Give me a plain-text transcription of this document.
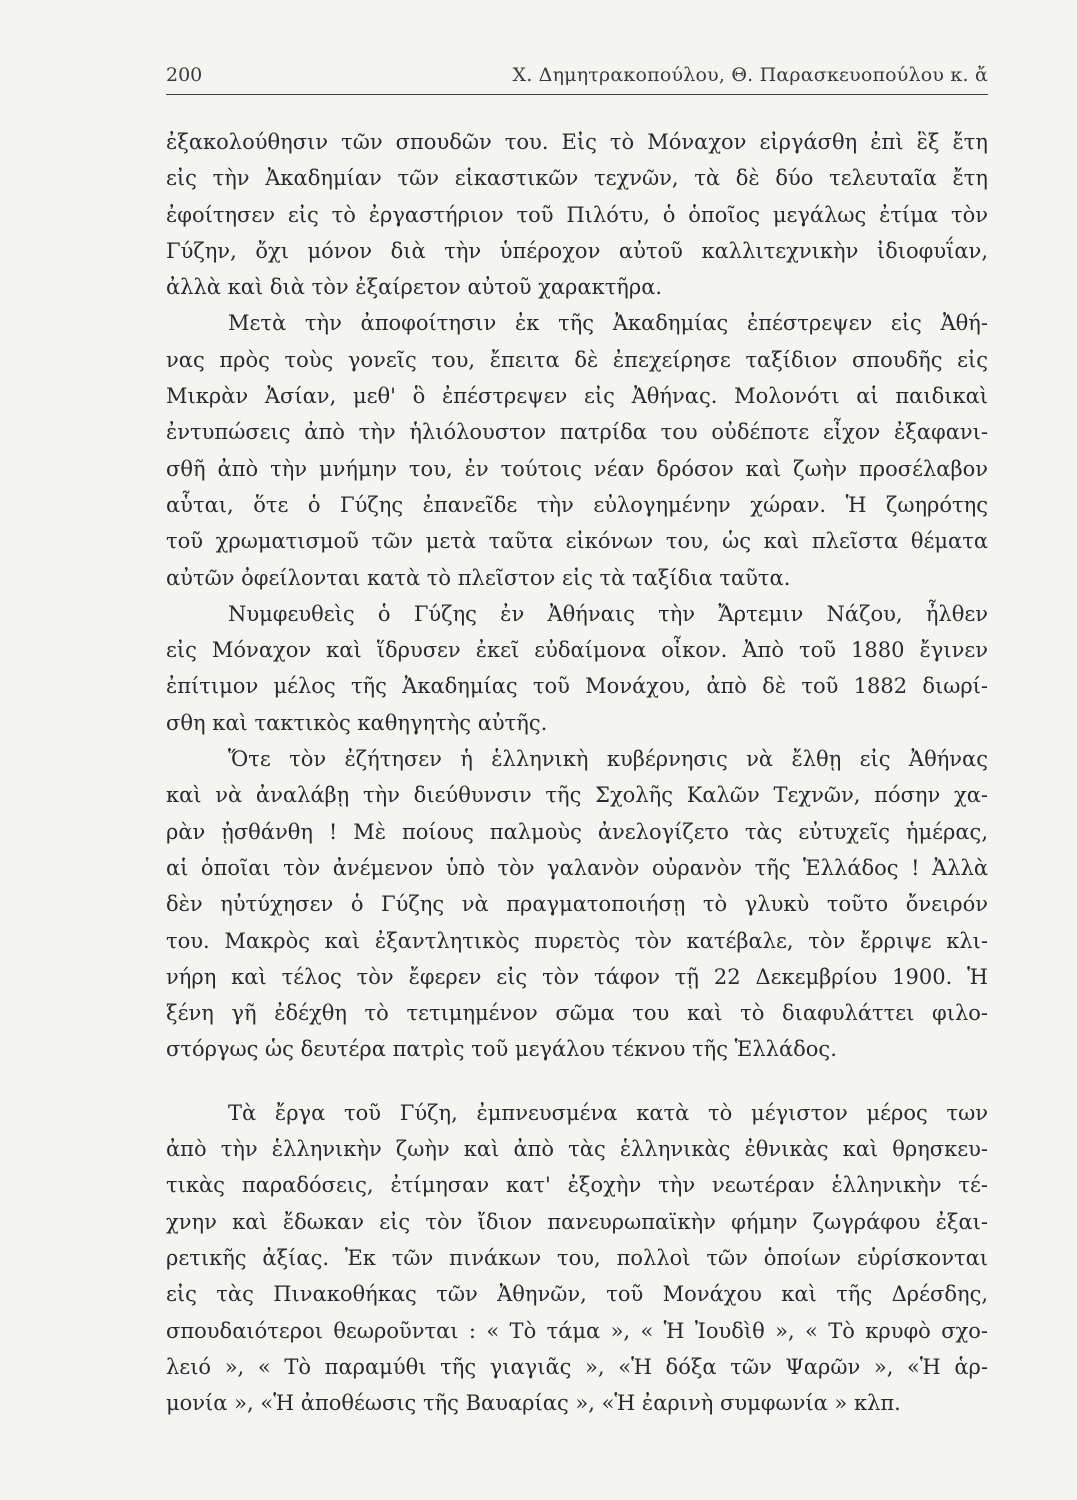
200	Χ. Δημητρακοπούλου, Θ. Παρασκευοπούλου κ. ἄ
ἐξακολούθησιν τῶν σπουδῶν του. Εἰς τὸ Μόναχον εἰργάσθη ἐπὶ ἓξ ἔτη
εἰς τὴν Ἀκαδημίαν τῶν εἰκαστικῶν τεχνῶν, τὰ δὲ δύο τελευταῖα ἔτη
ἐφοίτησεν εἰς τὸ ἐργαστήριον τοῦ Πιλότυ, ὁ ὁποῖος μεγάλως ἐτίμα τὸν
Γύζην, ὄχι μόνον διὰ τὴν ὑπέροχον αὐτοῦ καλλιτεχνικὴν ἰδιοφυΐαν,
ἀλλὰ καὶ διὰ τὸν ἐξαίρετον αὐτοῦ χαρακτῆρα.
Μετὰ τὴν ἀποφοίτησιν ἐκ τῆς Ἀκαδημίας ἐπέστρεψεν εἰς Ἀθή-
νας πρὸς τοὺς γονεῖς του, ἔπειτα δὲ ἐπεχείρησε ταξίδιον σπουδῆς εἰς
Μικρὰν Ἀσίαν, μεθ' ὃ ἐπέστρεψεν εἰς Ἀθήνας. Μολονότι αἱ παιδικαὶ
ἐντυπώσεις ἀπὸ τὴν ἡλιόλουστον πατρίδα του οὐδέποτε εἶχον ἐξαφανι-
σθῆ ἀπὸ τὴν μνήμην του, ἐν τούτοις νέαν δρόσον καὶ ζωὴν προσέλαβον
αὗται, ὅτε ὁ Γύζης ἐπανεῖδε τὴν εὐλογημένην χώραν. Ἡ ζωηρότης
τοῦ χρωματισμοῦ τῶν μετὰ ταῦτα εἰκόνων του, ὡς καὶ πλεῖστα θέματα
αὐτῶν ὀφείλονται κατὰ τὸ πλεῖστον εἰς τὰ ταξίδια ταῦτα.
Νυμφευθεὶς ὁ Γύζης ἐν Ἀθήναις τὴν Ἄρτεμιν Νάζου, ἦλθεν
εἰς Μόναχον καὶ ἵδρυσεν ἐκεῖ εὐδαίμονα οἶκον. Ἀπὸ τοῦ 1880 ἔγινεν
ἐπίτιμον μέλος τῆς Ἀκαδημίας τοῦ Μονάχου, ἀπὸ δὲ τοῦ 1882 διωρί-
σθη καὶ τακτικὸς καθηγητὴς αὐτῆς.
Ὅτε τὸν ἐζήτησεν ἡ ἑλληνικὴ κυβέρνησις νὰ ἔλθῃ εἰς Ἀθήνας
καὶ νὰ ἀναλάβῃ τὴν διεύθυνσιν τῆς Σχολῆς Καλῶν Τεχνῶν, πόσην χα-
ρὰν ᾐσθάνθη ! Μὲ ποίους παλμοὺς ἀνελογίζετο τὰς εὐτυχεῖς ἡμέρας,
αἱ ὁποῖαι τὸν ἀνέμενον ὑπὸ τὸν γαλανὸν οὐρανὸν τῆς Ἑλλάδος ! Ἀλλὰ
δὲν ηὐτύχησεν ὁ Γύζης νὰ πραγματοποιήσῃ τὸ γλυκὺ τοῦτο ὄνειρόν
του. Μακρὸς καὶ ἐξαντλητικὸς πυρετὸς τὸν κατέβαλε, τὸν ἔρριψε κλι-
νήρη καὶ τέλος τὸν ἔφερεν εἰς τὸν τάφον τῇ 22 Δεκεμβρίου 1900. Ἡ
ξένη γῆ ἐδέχθη τὸ τετιμημένον σῶμα του καὶ τὸ διαφυλάττει φιλο-
στόργως ὡς δευτέρα πατρὶς τοῦ μεγάλου τέκνου τῆς Ἑλλάδος.
Τὰ ἔργα τοῦ Γύζη, ἐμπνευσμένα κατὰ τὸ μέγιστον μέρος των
ἀπὸ τὴν ἑλληνικὴν ζωὴν καὶ ἀπὸ τὰς ἑλληνικὰς ἐθνικὰς καὶ θρησκευ-
τικὰς παραδόσεις, ἐτίμησαν κατ' ἐξοχὴν τὴν νεωτέραν ἑλληνικὴν τέ-
χνην καὶ ἔδωκαν εἰς τὸν ἴδιον πανευρωπαϊκὴν φήμην ζωγράφου ἐξαι-
ρετικῆς ἀξίας. Ἐκ τῶν πινάκων του, πολλοὶ τῶν ὁποίων εὑρίσκονται
εἰς τὰς Πινακοθήκας τῶν Ἀθηνῶν, τοῦ Μονάχου καὶ τῆς Δρέσδης,
σπουδαιότεροι θεωροῦνται : « Τὸ τάμα », « Ἡ Ἰουδὶθ », « Τὸ κρυφὸ σχο-
λειό », « Τὸ παραμύθι τῆς γιαγιᾶς », «Ἡ δόξα τῶν Ψαρῶν », «Ἡ ἁρ-
μονία », «Ἡ ἀποθέωσις τῆς Βαυαρίας », «Ἡ ἐαρινὴ συμφωνία » κλπ.
